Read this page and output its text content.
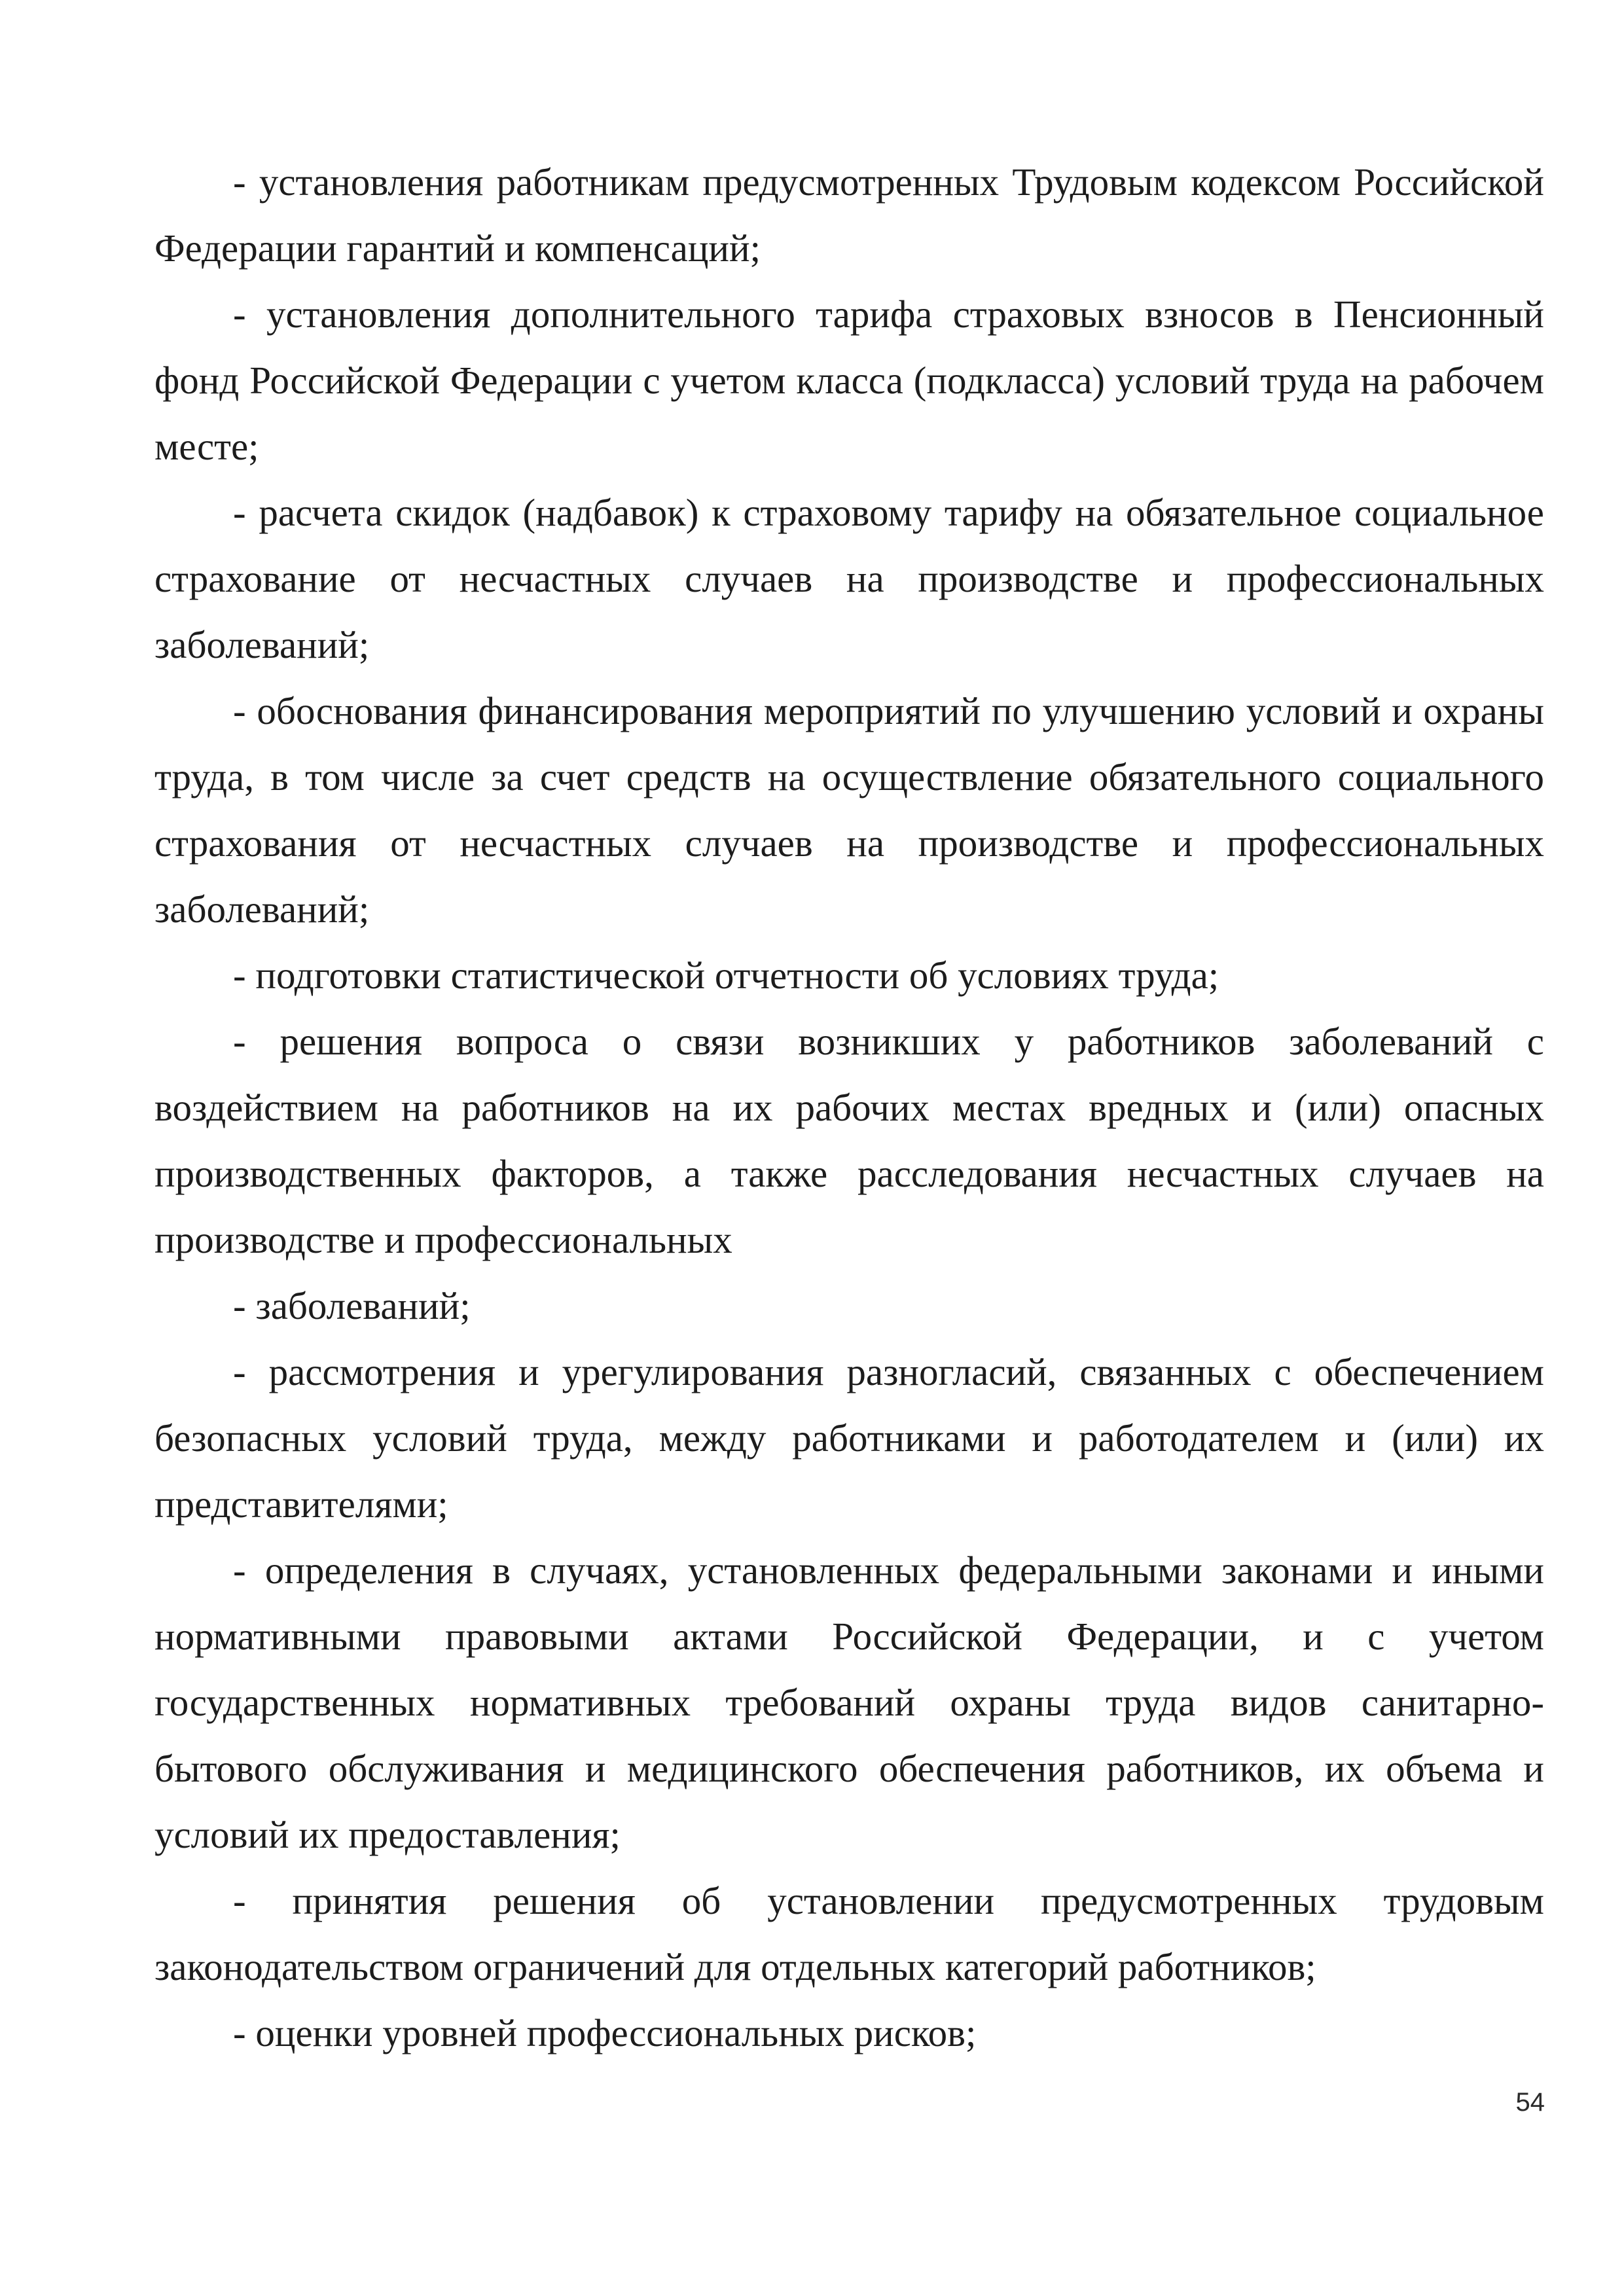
- установления работникам предусмотренных Трудовым кодексом Российской Федерации гарантий и компенсаций;

- установления дополнительного тарифа страховых взносов в Пенсионный фонд Российской Федерации с учетом класса (подкласса) условий труда на рабочем месте;

- расчета скидок (надбавок) к страховому тарифу на обязательное социальное страхование от несчастных случаев на производстве и профессиональных заболеваний;

- обоснования финансирования мероприятий по улучшению условий и охраны труда, в том числе за счет средств на осуществление обязательного социального страхования от несчастных случаев на производстве и профессиональных заболеваний;

- подготовки статистической отчетности об условиях труда;

- решения вопроса о связи возникших у работников заболеваний с воздействием на работников на их рабочих местах вредных и (или) опасных производственных факторов, а также расследования несчастных случаев на производстве и профессиональных

- заболеваний;

- рассмотрения и урегулирования разногласий, связанных с обеспечением безопасных условий труда, между работниками и работодателем и (или) их представителями;

- определения в случаях, установленных федеральными законами и иными нормативными правовыми актами Российской Федерации, и с учетом государственных нормативных требований охраны труда видов санитарно-бытового обслуживания и медицинского обеспечения работников, их объема и условий их предоставления;

- принятия решения об установлении предусмотренных трудовым законодательством ограничений для отдельных категорий работников;

- оценки уровней профессиональных рисков;

54
